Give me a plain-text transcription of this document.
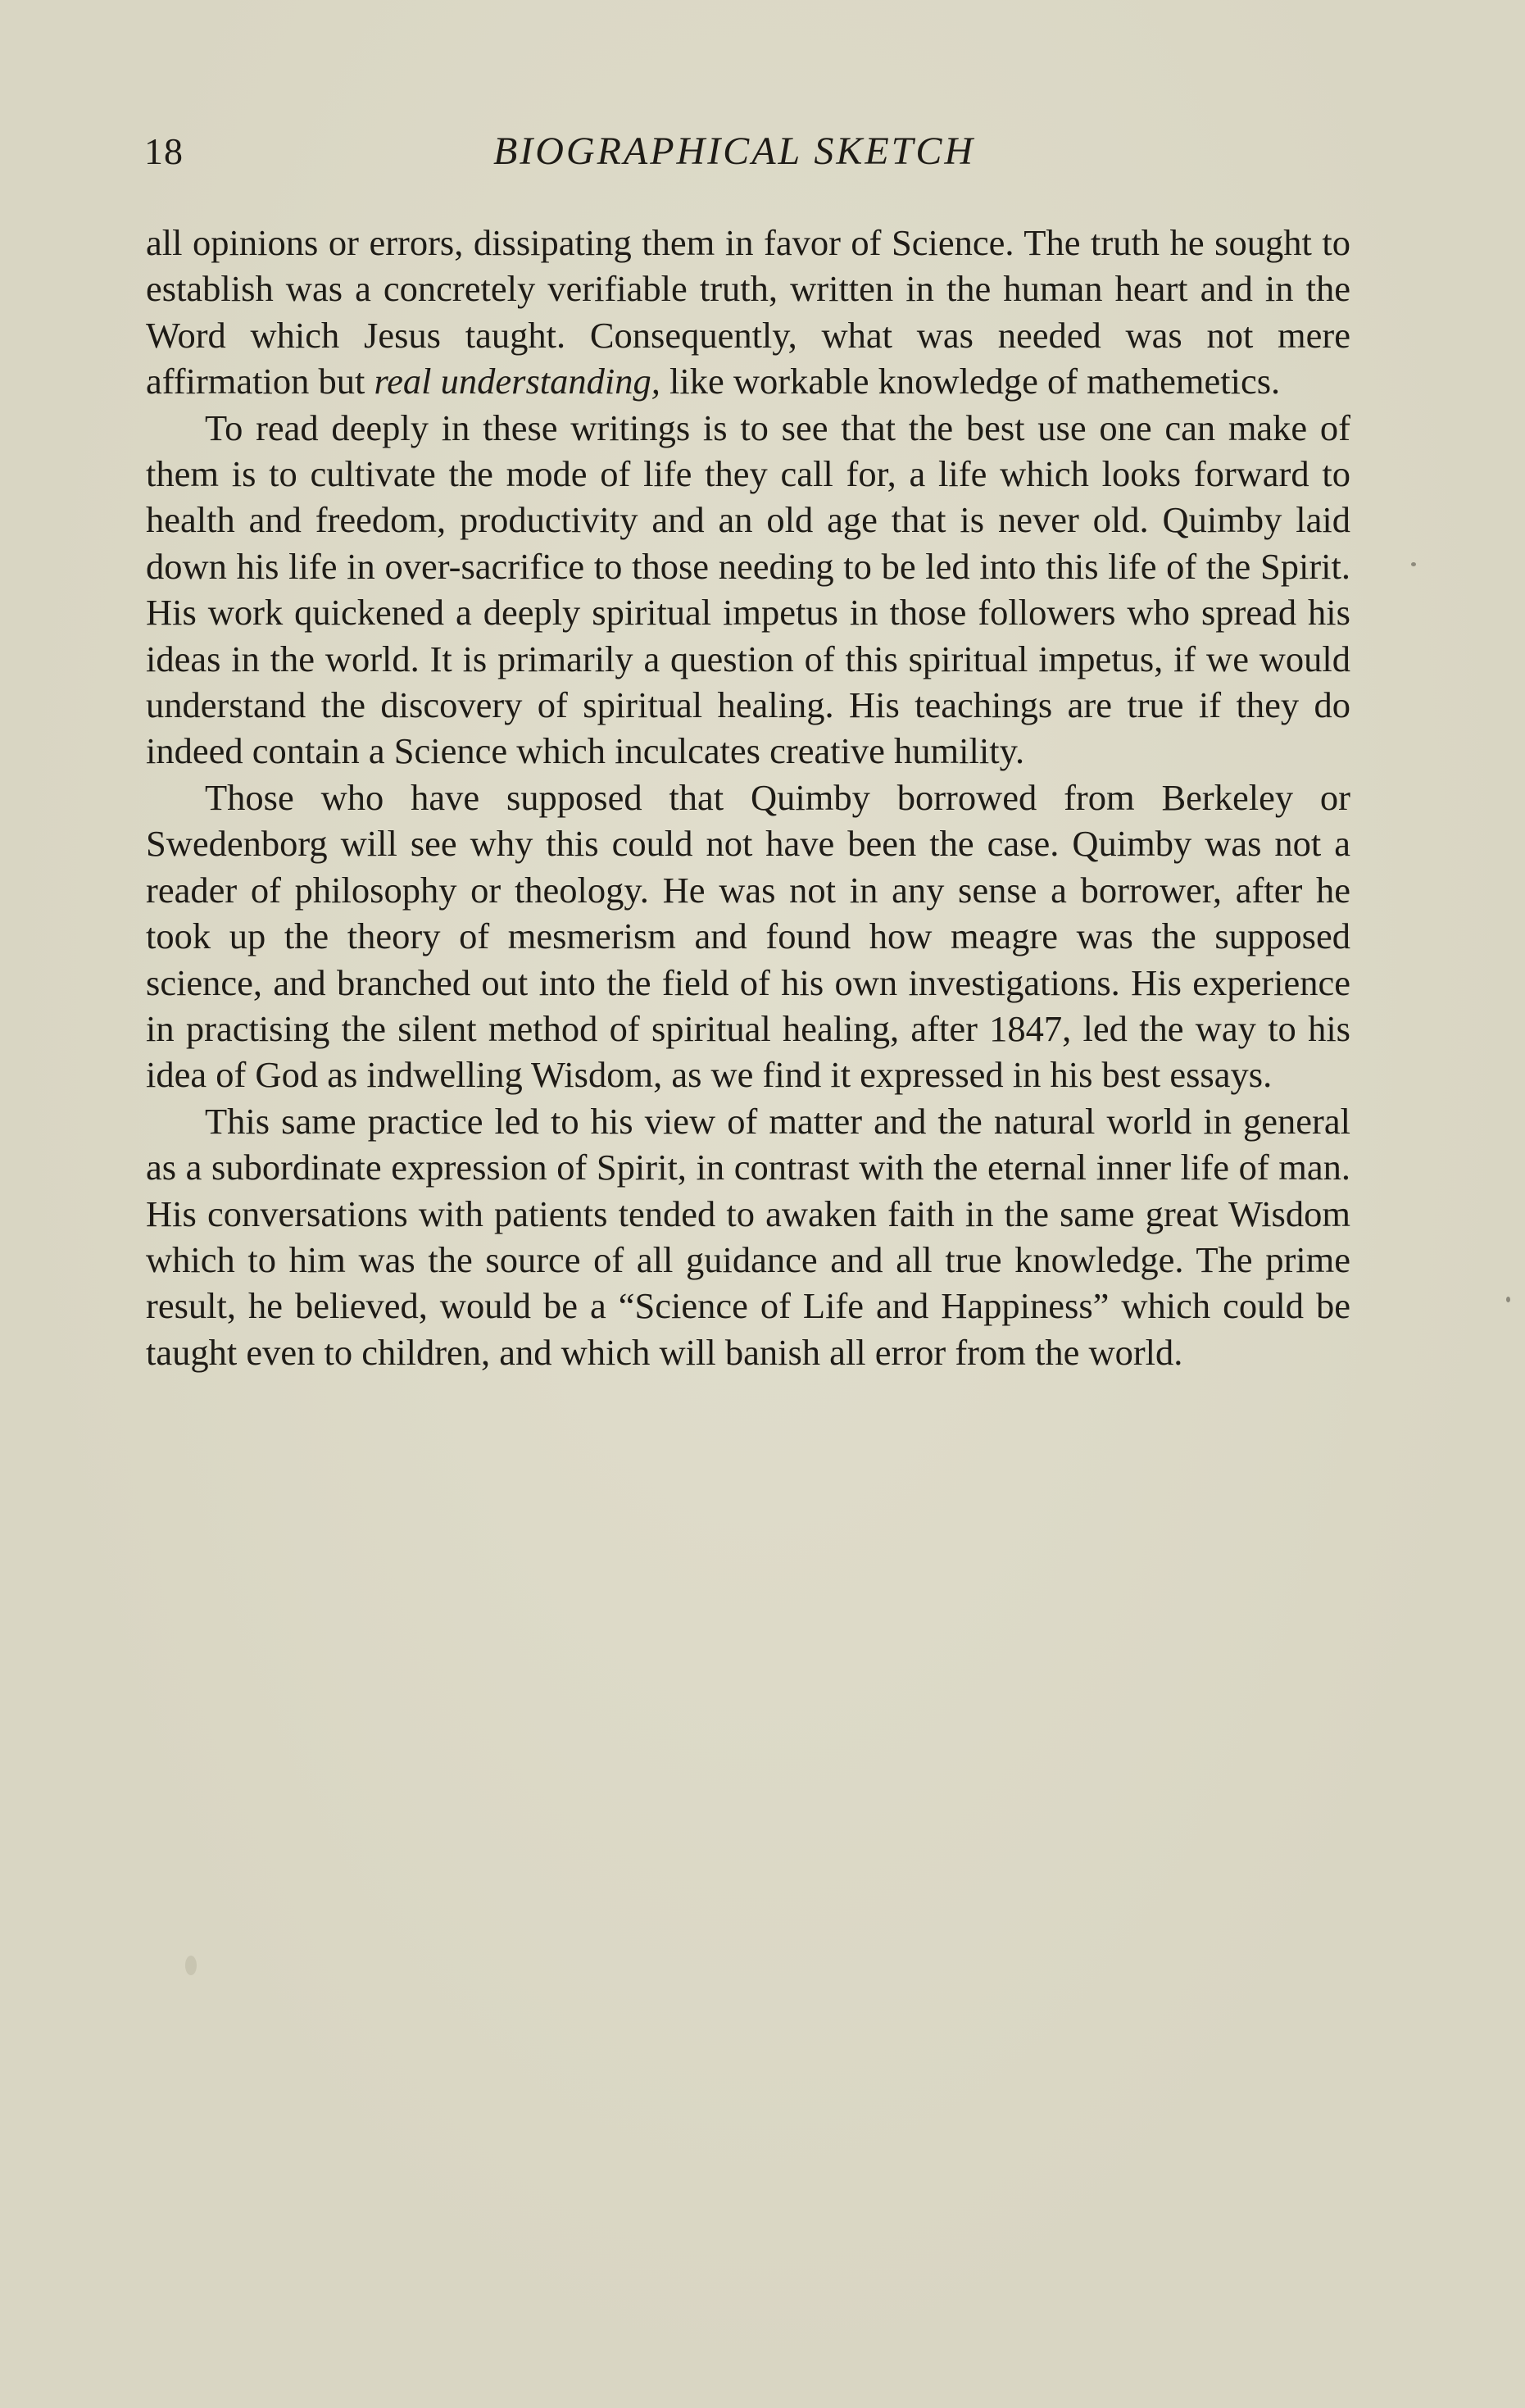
18	BIOGRAPHICAL SKETCH

all opinions or errors, dissipating them in favor of Science. The truth he sought to establish was a concretely verifiable truth, written in the human heart and in the Word which Jesus taught. Consequently, what was needed was not mere affirmation but real understanding, like workable knowledge of mathemetics.

To read deeply in these writings is to see that the best use one can make of them is to cultivate the mode of life they call for, a life which looks forward to health and freedom, productivity and an old age that is never old. Quimby laid down his life in over-sacrifice to those needing to be led into this life of the Spirit. His work quickened a deeply spiritual impetus in those followers who spread his ideas in the world. It is primarily a question of this spiritual impetus, if we would understand the discovery of spiritual healing. His teachings are true if they do indeed contain a Science which inculcates creative humility.

Those who have supposed that Quimby borrowed from Berkeley or Swedenborg will see why this could not have been the case. Quimby was not a reader of philosophy or theology. He was not in any sense a borrower, after he took up the theory of mesmerism and found how meagre was the supposed science, and branched out into the field of his own investigations. His experience in practising the silent method of spiritual healing, after 1847, led the way to his idea of God as indwelling Wisdom, as we find it expressed in his best essays.

This same practice led to his view of matter and the natural world in general as a subordinate expression of Spirit, in contrast with the eternal inner life of man. His conversations with patients tended to awaken faith in the same great Wisdom which to him was the source of all guidance and all true knowledge. The prime result, he believed, would be a “Science of Life and Happiness” which could be taught even to children, and which will banish all error from the world.
